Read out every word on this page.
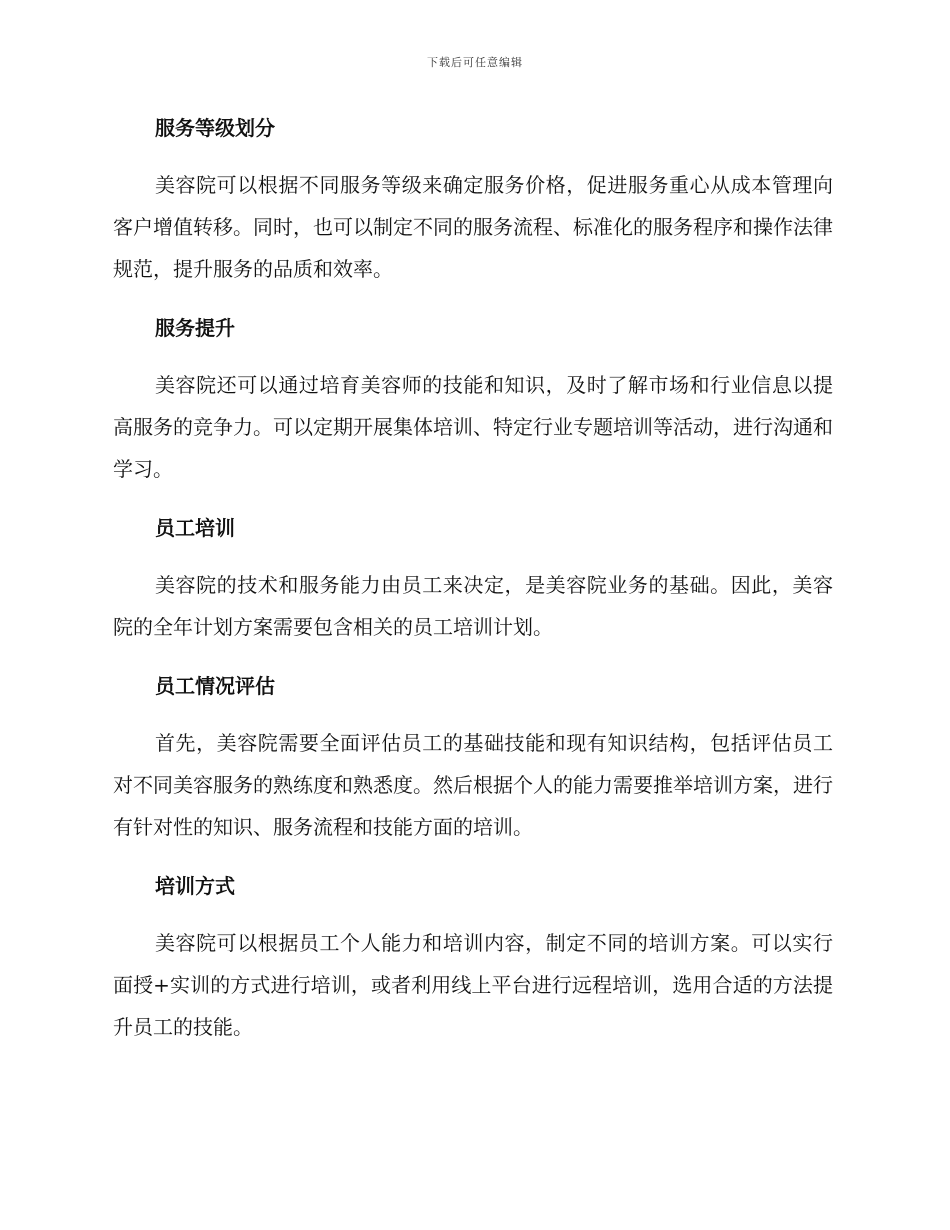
下载后可任意编辑
服务等级划分

美容院可以根据不同服务等级来确定服务价格，促进服务重心从成本管理向客户增值转移。同时，也可以制定不同的服务流程、标准化的服务程序和操作法律规范，提升服务的品质和效率。

服务提升

美容院还可以通过培育美容师的技能和知识，及时了解市场和行业信息以提高服务的竞争力。可以定期开展集体培训、特定行业专题培训等活动，进行沟通和学习。

员工培训

美容院的技术和服务能力由员工来决定，是美容院业务的基础。因此，美容院的全年计划方案需要包含相关的员工培训计划。

员工情况评估

首先，美容院需要全面评估员工的基础技能和现有知识结构，包括评估员工对不同美容服务的熟练度和熟悉度。然后根据个人的能力需要推举培训方案，进行有针对性的知识、服务流程和技能方面的培训。

培训方式

美容院可以根据员工个人能力和培训内容，制定不同的培训方案。可以实行面授+实训的方式进行培训，或者利用线上平台进行远程培训，选用合适的方法提升员工的技能。
